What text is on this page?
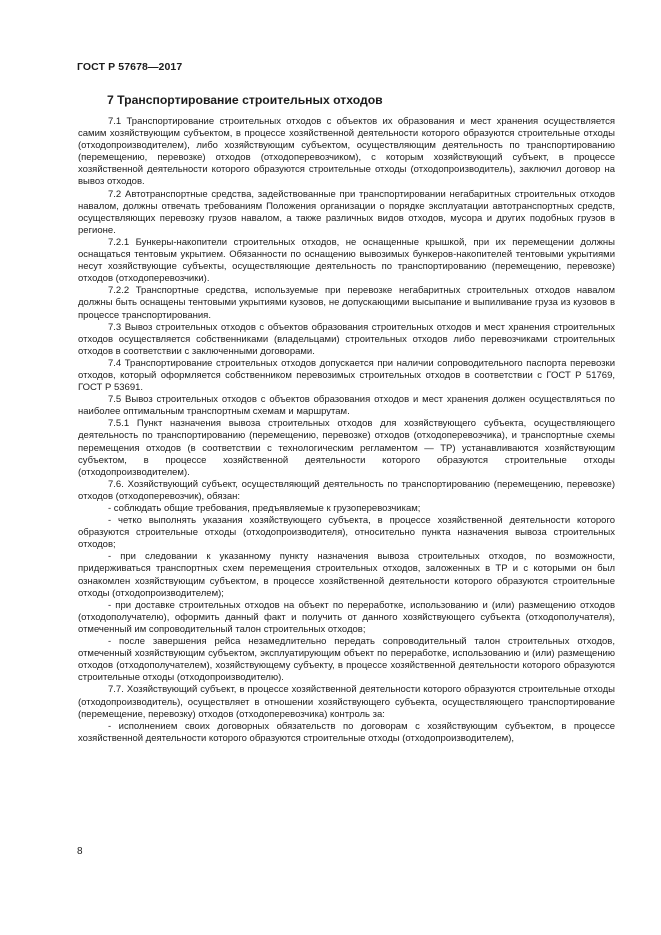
ГОСТ Р 57678—2017
7 Транспортирование строительных отходов

7.1 Транспортирование строительных отходов с объектов их образования и мест хранения осуществляется самим хозяйствующим субъектом, в процессе хозяйственной деятельности которого образуются строительные отходы (отходопроизводителем), либо хозяйствующим субъектом, осуществляющим деятельность по транспортированию (перемещению, перевозке) отходов (отходоперевозчиком), с которым хозяйствующий субъект, в процессе хозяйственной деятельности которого образуются строительные отходы (отходопроизводитель), заключил договор на вывоз отходов.

7.2 Автотранспортные средства, задействованные при транспортировании негабаритных строительных отходов навалом, должны отвечать требованиям Положения организации о порядке эксплуатации автотранспортных средств, осуществляющих перевозку грузов навалом, а также различных видов отходов, мусора и других подобных грузов в регионе.

7.2.1 Бункеры-накопители строительных отходов, не оснащенные крышкой, при их перемещении должны оснащаться тентовым укрытием. Обязанности по оснащению вывозимых бункеров-накопителей тентовыми укрытиями несут хозяйствующие субъекты, осуществляющие деятельность по транспортированию (перемещению, перевозке) отходов (отходоперевозчики).

7.2.2 Транспортные средства, используемые при перевозке негабаритных строительных отходов навалом должны быть оснащены тентовыми укрытиями кузовов, не допускающими высыпание и выпиливание груза из кузовов в процессе транспортирования.

7.3 Вывоз строительных отходов с объектов образования строительных отходов и мест хранения строительных отходов осуществляется собственниками (владельцами) строительных отходов либо перевозчиками строительных отходов в соответствии с заключенными договорами.

7.4 Транспортирование строительных отходов допускается при наличии сопроводительного паспорта перевозки отходов, который оформляется собственником перевозимых строительных отходов в соответствии с ГОСТ Р 51769, ГОСТ Р 53691.

7.5 Вывоз строительных отходов с объектов образования отходов и мест хранения должен осуществляться по наиболее оптимальным транспортным схемам и маршрутам.

7.5.1 Пункт назначения вывоза строительных отходов для хозяйствующего субъекта, осуществляющего деятельность по транспортированию (перемещению, перевозке) отходов (отходоперевозчика), и транспортные схемы перемещения отходов (в соответствии с технологическим регламентом — ТР) устанавливаются хозяйствующим субъектом, в процессе хозяйственной деятельности которого образуются строительные отходы (отходопроизводителем).

7.6. Хозяйствующий субъект, осуществляющий деятельность по транспортированию (перемещению, перевозке) отходов (отходоперевозчик), обязан:

- соблюдать общие требования, предъявляемые к грузоперевозчикам;

- четко выполнять указания хозяйствующего субъекта, в процессе хозяйственной деятельности которого образуются строительные отходы (отходопроизводителя), относительно пункта назначения вывоза строительных отходов;

- при следовании к указанному пункту назначения вывоза строительных отходов, по возможности, придерживаться транспортных схем перемещения строительных отходов, заложенных в ТР и с которыми он был ознакомлен хозяйствующим субъектом, в процессе хозяйственной деятельности которого образуются строительные отходы (отходопроизводителем);

- при доставке строительных отходов на объект по переработке, использованию и (или) размещению отходов (отходополучателю), оформить данный факт и получить от данного хозяйствующего субъекта (отходополучателя), отмеченный им сопроводительный талон строительных отходов;

- после завершения рейса незамедлительно передать сопроводительный талон строительных отходов, отмеченный хозяйствующим субъектом, эксплуатирующим объект по переработке, использованию и (или) размещению отходов (отходополучателем), хозяйствующему субъекту, в процессе хозяйственной деятельности которого образуются строительные отходы (отходопроизводителю).

7.7. Хозяйствующий субъект, в процессе хозяйственной деятельности которого образуются строительные отходы (отходопроизводитель), осуществляет в отношении хозяйствующего субъекта, осуществляющего транспортирование (перемещение, перевозку) отходов (отходоперевозчика) контроль за:

- исполнением своих договорных обязательств по договорам с хозяйствующим субъектом, в процессе хозяйственной деятельности которого образуются строительные отходы (отходопроизводителем),

8
